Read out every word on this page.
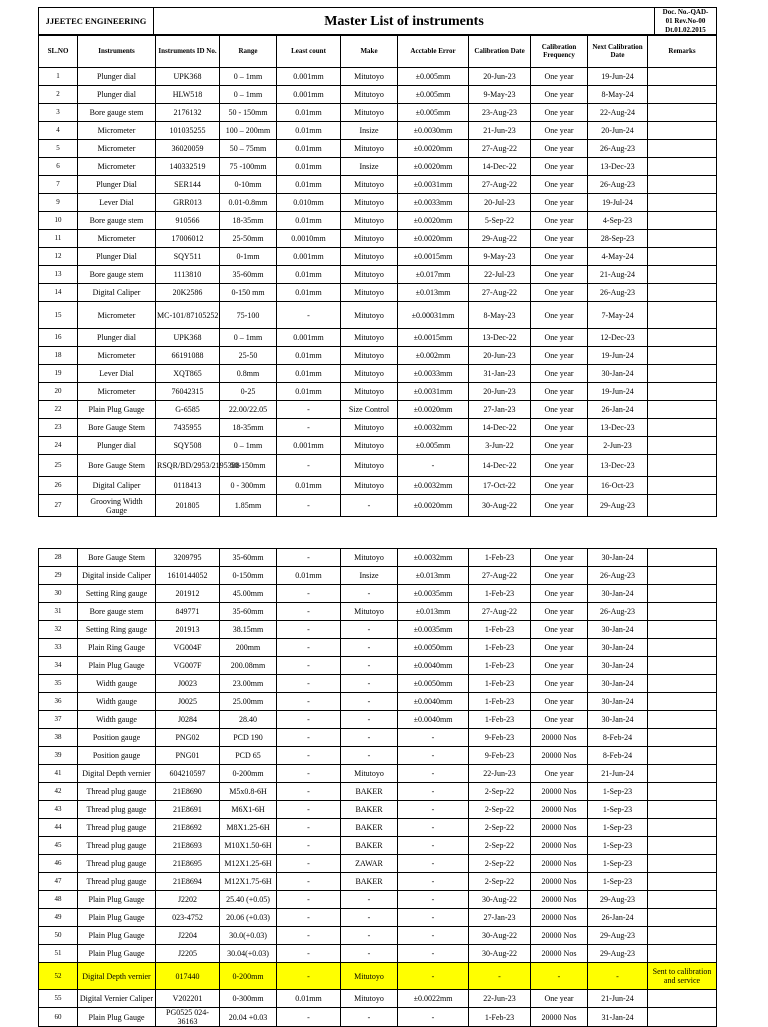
JJEETEC ENGINEERING	Master List of instruments	
Doc. No.-QAD-
01 Rev.No-00
Dt.01.02.2015
SL.NO	Instruments	Instruments ID No.	Range	Least count	Make	Acctable Error	Calibration Date	Calibration Frequency	Next Calibration Date	Remarks
1	Plunger dial	UPK368	0 – 1mm	0.001mm	Mitutoyo	±0.005mm	20-Jun-23	One year	19-Jun-24	
2	Plunger dial	HLW518	0 – 1mm	0.001mm	Mitutoyo	±0.005mm	9-May-23	One year	8-May-24	
3	Bore gauge stem	2176132	50 - 150mm	0.01mm	Mitutoyo	±0.005mm	23-Aug-23	One year	22-Aug-24	
4	Micrometer	101035255	100 – 200mm	0.01mm	Insize	±0.0030mm	21-Jun-23	One year	20-Jun-24	
5	Micrometer	36020059	50 – 75mm	0.01mm	Mitutoyo	±0.0020mm	27-Aug-22	One year	26-Aug-23	
6	Micrometer	140332519	75 -100mm	0.01mm	Insize	±0.0020mm	14-Dec-22	One year	13-Dec-23	
7	Plunger Dial	SER144	0-10mm	0.01mm	Mitutoyo	±0.0031mm	27-Aug-22	One year	26-Aug-23	
9	Lever Dial	GRR013	0.01-0.8mm	0.010mm	Mitutoyo	±0.0033mm	20-Jul-23	One year	19-Jul-24	
10	Bore gauge stem	910566	18-35mm	0.01mm	Mitutoyo	±0.0020mm	5-Sep-22	One year	4-Sep-23	
11	Micrometer	17006012	25-50mm	0.0010mm	Mitutoyo	±0.0020mm	29-Aug-22	One year	28-Sep-23	
12	Plunger Dial	SQY511	0-1mm	0.001mm	Mitutoyo	±0.0015mm	9-May-23	One year	4-May-24	
13	Bore gauge stem	1113810	35-60mm	0.01mm	Mitutoyo	±0.017mm	22-Jul-23	One year	21-Aug-24	
14	Digital Caliper	20K2586	0-150 mm	0.01mm	Mitutoyo	±0.013mm	27-Aug-22	One year	26-Aug-23	
15	Micrometer	MC-101/87105252	75-100	-	Mitutoyo	±0.00031mm	8-May-23	One year	7-May-24	
16	Plunger dial	UPK368	0 – 1mm	0.001mm	Mitutoyo	±0.0015mm	13-Dec-22	One year	12-Dec-23	
18	Micrometer	66191088	25-50	0.01mm	Mitutoyo	±0.002mm	20-Jun-23	One year	19-Jun-24	
19	Lever Dial	XQT865	0.8mm	0.01mm	Mitutoyo	±0.0033mm	31-Jan-23	One year	30-Jan-24	
20	Micrometer	76042315	0-25	0.01mm	Mitutoyo	±0.0031mm	20-Jun-23	One year	19-Jun-24	
22	Plain Plug Gauge	G-6585	22.00/22.05	-	Size Control	±0.0020mm	27-Jan-23	One year	26-Jan-24	
23	Bore Gauge Stem	7435955	18-35mm	-	Mitutoyo	±0.0032mm	14-Dec-22	One year	13-Dec-23	
24	Plunger dial	SQY508	0 – 1mm	0.001mm	Mitutoyo	±0.005mm	3-Jun-22	One year	2-Jun-23	
25	Bore Gauge Stem	RSQR/BD/2953/2195388	50-150mm	-	Mitutoyo	-	14-Dec-22	One year	13-Dec-23	
26	Digital Caliper	0118413	0 - 300mm	0.01mm	Mitutoyo	±0.0032mm	17-Oct-22	One year	16-Oct-23	
27	Grooving Width Gauge	201805	1.85mm	-	-	±0.0020mm	30-Aug-22	One year	29-Aug-23	
28	Bore Gauge Stem	3209795	35-60mm	-	Mitutoyo	±0.0032mm	1-Feb-23	One year	30-Jan-24	
29	Digital inside Caliper	1610144052	0-150mm	0.01mm	Insize	±0.013mm	27-Aug-22	One year	26-Aug-23	
30	Setting Ring gauge	201912	45.00mm	-	-	±0.0035mm	1-Feb-23	One year	30-Jan-24	
31	Bore gauge stem	849771	35-60mm	-	Mitutoyo	±0.013mm	27-Aug-22	One year	26-Aug-23	
32	Setting Ring gauge	201913	38.15mm	-	-	±0.0035mm	1-Feb-23	One year	30-Jan-24	
33	Plain Ring Gauge	VG004F	200mm	-	-	±0.0050mm	1-Feb-23	One year	30-Jan-24	
34	Plain Plug Gauge	VG007F	200.08mm	-	-	±0.0040mm	1-Feb-23	One year	30-Jan-24	
35	Width gauge	J0023	23.00mm	-	-	±0.0050mm	1-Feb-23	One year	30-Jan-24	
36	Width gauge	J0025	25.00mm	-	-	±0.0040mm	1-Feb-23	One year	30-Jan-24	
37	Width gauge	J0284	28.40	-	-	±0.0040mm	1-Feb-23	One year	30-Jan-24	
38	Position gauge	PNG02	PCD 190	-	-	-	9-Feb-23	20000 Nos	8-Feb-24	
39	Position gauge	PNG01	PCD 65	-	-	-	9-Feb-23	20000 Nos	8-Feb-24	
41	Digital Depth vernier	604210597	0-200mm	-	Mitutoyo	-	22-Jun-23	One year	21-Jun-24	
42	Thread plug gauge	21E8690	M5x0.8-6H	-	BAKER	-	2-Sep-22	20000 Nos	1-Sep-23	
43	Thread plug gauge	21E8691	M6X1-6H	-	BAKER	-	2-Sep-22	20000 Nos	1-Sep-23	
44	Thread plug gauge	21E8692	M8X1.25-6H	-	BAKER	-	2-Sep-22	20000 Nos	1-Sep-23	
45	Thread plug gauge	21E8693	M10X1.50-6H	-	BAKER	-	2-Sep-22	20000 Nos	1-Sep-23	
46	Thread plug gauge	21E8695	M12X1.25-6H	-	ZAWAR	-	2-Sep-22	20000 Nos	1-Sep-23	
47	Thread plug gauge	21E8694	M12X1.75-6H	-	BAKER	-	2-Sep-22	20000 Nos	1-Sep-23	
48	Plain Plug Gauge	J2202	25.40 (+0.05)	-	-	-	30-Aug-22	20000 Nos	29-Aug-23	
49	Plain Plug Gauge	023-4752	20.06 (+0.03)	-	-	-	27-Jan-23	20000 Nos	26-Jan-24	
50	Plain Plug Gauge	J2204	30.0(+0.03)	-	-	-	30-Aug-22	20000 Nos	29-Aug-23	
51	Plain Plug Gauge	J2205	30.04(+0.03)	-	-	-	30-Aug-22	20000 Nos	29-Aug-23	
52	Digital Depth vernier	017440	0-200mm	-	Mitutoyo	-	-	-	-	Sent to calibration and service
55	Digital Vernier Caliper	V202201	0-300mm	0.01mm	Mitutoyo	±0.0022mm	22-Jun-23	One year	21-Jun-24	
60	Plain Plug Gauge	PG0525 024-36163	20.04 +0.03	-	-	-	1-Feb-23	20000 Nos	31-Jan-24	
